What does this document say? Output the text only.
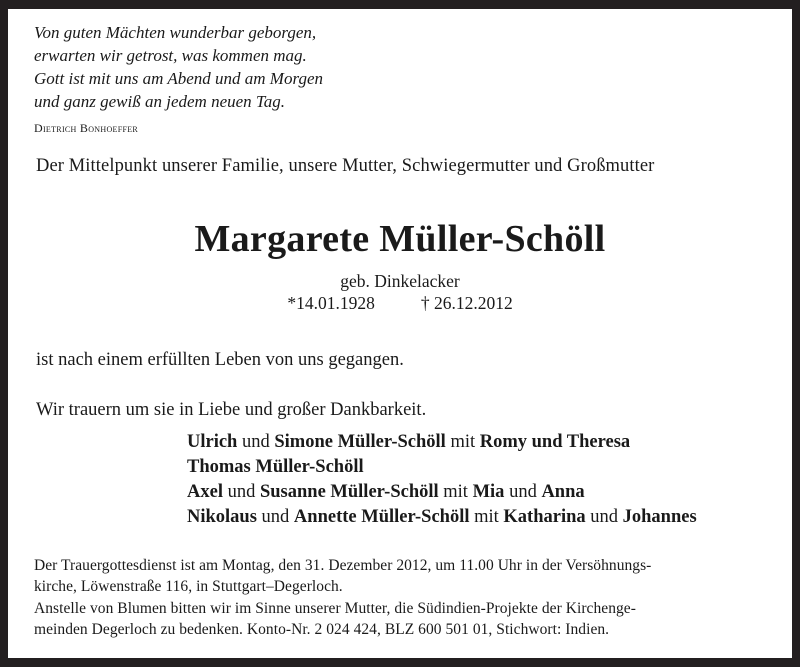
Von guten Mächten wunderbar geborgen,
erwarten wir getrost, was kommen mag.
Gott ist mit uns am Abend und am Morgen
und ganz gewiß an jedem neuen Tag.
Dietrich Bonhoeffer
Der Mittelpunkt unserer Familie, unsere Mutter, Schwiegermutter und Großmutter
Margarete Müller-Schöll
geb. Dinkelacker
*14.01.1928	† 26.12.2012
ist nach einem erfüllten Leben von uns gegangen.
Wir trauern um sie in Liebe und großer Dankbarkeit.
Ulrich und Simone Müller-Schöll mit Romy und Theresa
Thomas Müller-Schöll
Axel und Susanne Müller-Schöll mit Mia und Anna
Nikolaus und Annette Müller-Schöll mit Katharina und Johannes
Der Trauergottesdienst ist am Montag, den 31. Dezember 2012, um 11.00 Uhr in der Versöhnungs-
kirche, Löwenstraße 116, in Stuttgart–Degerloch.
Anstelle von Blumen bitten wir im Sinne unserer Mutter, die Südindien-Projekte der Kirchenge-
meinden Degerloch zu bedenken. Konto-Nr. 2 024 424, BLZ 600 501 01, Stichwort: Indien.
